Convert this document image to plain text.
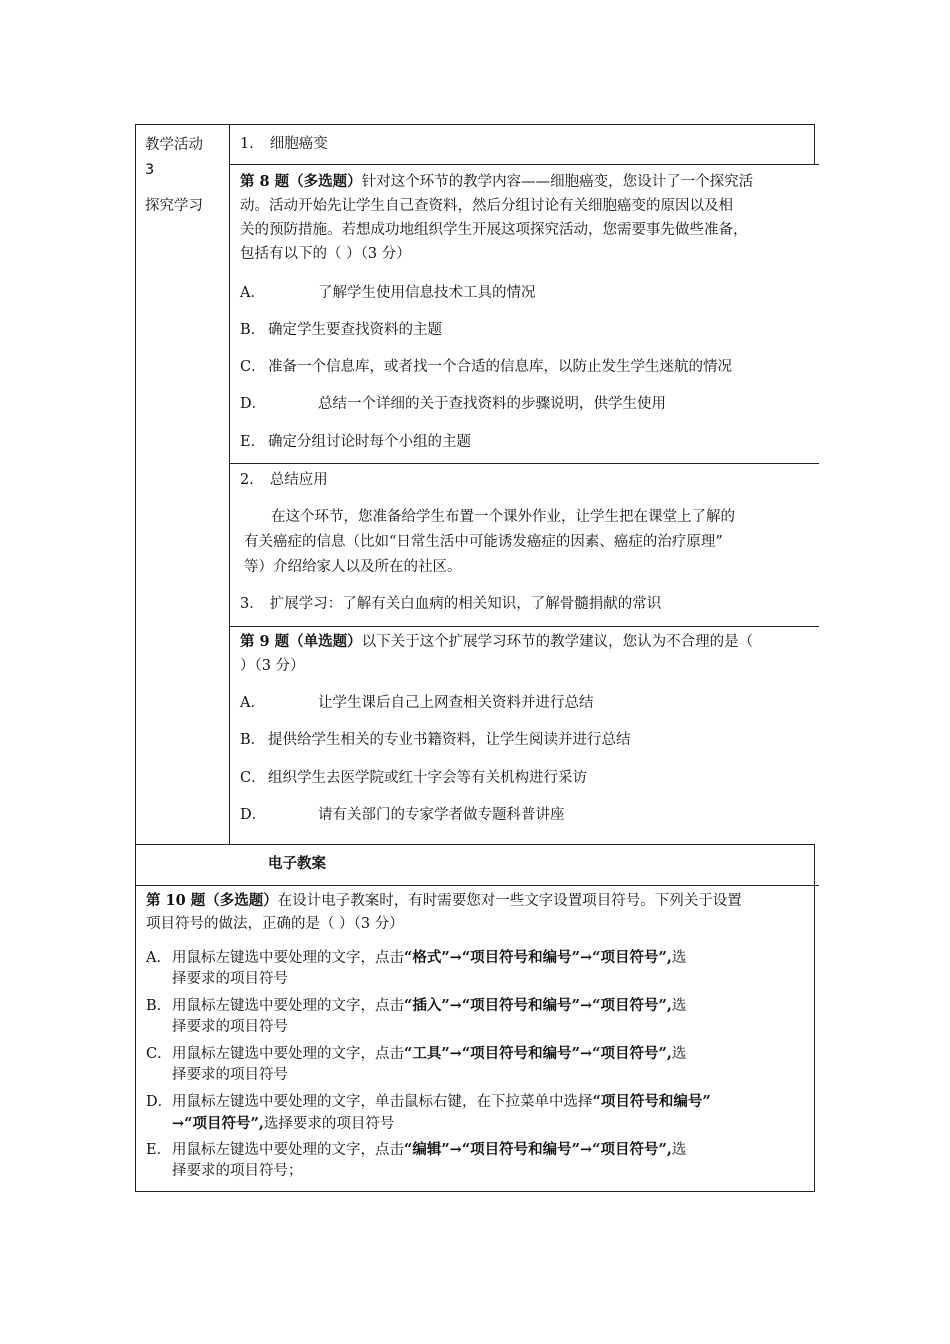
教学活动
3
探究学习
1． 细胞癌变
第 8 题（多选题）针对这个环节的教学内容——细胞癌变，您设计了一个探究活
动。活动开始先让学生自己查资料，然后分组讨论有关细胞癌变的原因以及相
关的预防措施。若想成功地组织学生开展这项探究活动，您需要事先做些准备，
包括有以下的（ ）（3 分）
A．	了解学生使用信息技术工具的情况
B． 确定学生要查找资料的主题
C． 准备一个信息库，或者找一个合适的信息库，以防止发生学生迷航的情况
D．	总结一个详细的关于查找资料的步骤说明，供学生使用
E． 确定分组讨论时每个小组的主题
2． 总结应用
在这个环节，您准备给学生布置一个课外作业，让学生把在课堂上了解的
有关癌症的信息（比如“日常生活中可能诱发癌症的因素、癌症的治疗原理”
等）介绍给家人以及所在的社区。
3． 扩展学习：了解有关白血病的相关知识，了解骨髓捐献的常识
第 9 题（单选题）以下关于这个扩展学习环节的教学建议，您认为不合理的是（
）（3 分）
A．	让学生课后自己上网查相关资料并进行总结
B． 提供给学生相关的专业书籍资料，让学生阅读并进行总结
C． 组织学生去医学院或红十字会等有关机构进行采访
D．	请有关部门的专家学者做专题科普讲座
电子教案
第 10 题（多选题）在设计电子教案时，有时需要您对一些文字设置项目符号。下列关于设置
项目符号的做法，正确的是（ ）（3 分）
A．用鼠标左键选中要处理的文字，点击“格式”→“项目符号和编号”→“项目符号”,选
择要求的项目符号
B．用鼠标左键选中要处理的文字，点击“插入”→“项目符号和编号”→“项目符号”,选
择要求的项目符号
C．用鼠标左键选中要处理的文字，点击“工具”→“项目符号和编号”→“项目符号”,选
择要求的项目符号
D．用鼠标左键选中要处理的文字，单击鼠标右键，在下拉菜单中选择“项目符号和编号”
→“项目符号”,选择要求的项目符号
E．用鼠标左键选中要处理的文字，点击“编辑”→“项目符号和编号”→“项目符号”,选
择要求的项目符号；
